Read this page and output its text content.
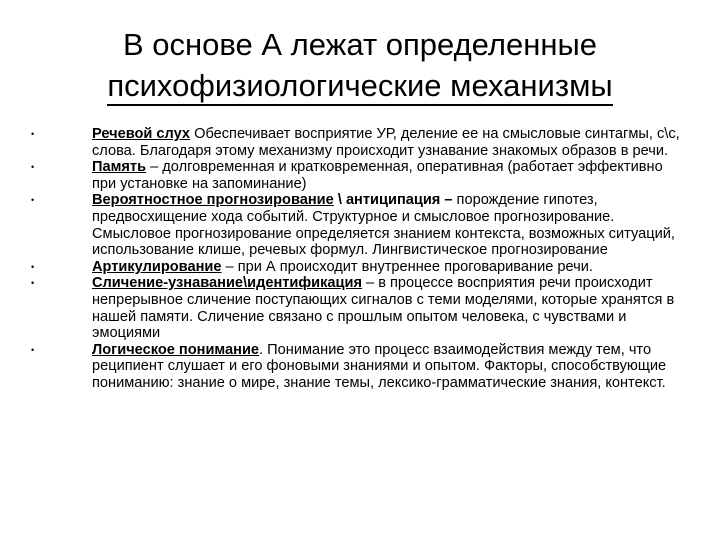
В основе А лежат определенные
психофизиологические механизмы
•	Речевой слух Обеспечивает восприятие УР, деление ее на смысловые синтагмы, с\с, слова. Благодаря этому механизму происходит узнавание знакомых образов в речи.
•	Память – долговременная и кратковременная, оперативная (работает эффективно при установке на запоминание)
•	Вероятностное прогнозирование \ антиципация – порождение гипотез, предвосхищение хода событий. Структурное и смысловое прогнозирование. Смысловое прогнозирование определяется знанием контекста, возможных ситуаций, использование клише, речевых формул. Лингвистическое прогнозирование
•	Артикулирование – при А происходит внутреннее проговаривание речи.
•	Сличение-узнавание\идентификация – в процессе восприятия речи происходит непрерывное сличение поступающих сигналов с теми моделями, которые хранятся в нашей памяти. Сличение связано с прошлым опытом человека, с чувствами и эмоциями
•	Логическое понимание. Понимание это процесс взаимодействия между тем, что реципиент слушает и его фоновыми знаниями и опытом. Факторы, способствующие пониманию: знание о мире, знание темы, лексико-грамматические знания, контекст.
